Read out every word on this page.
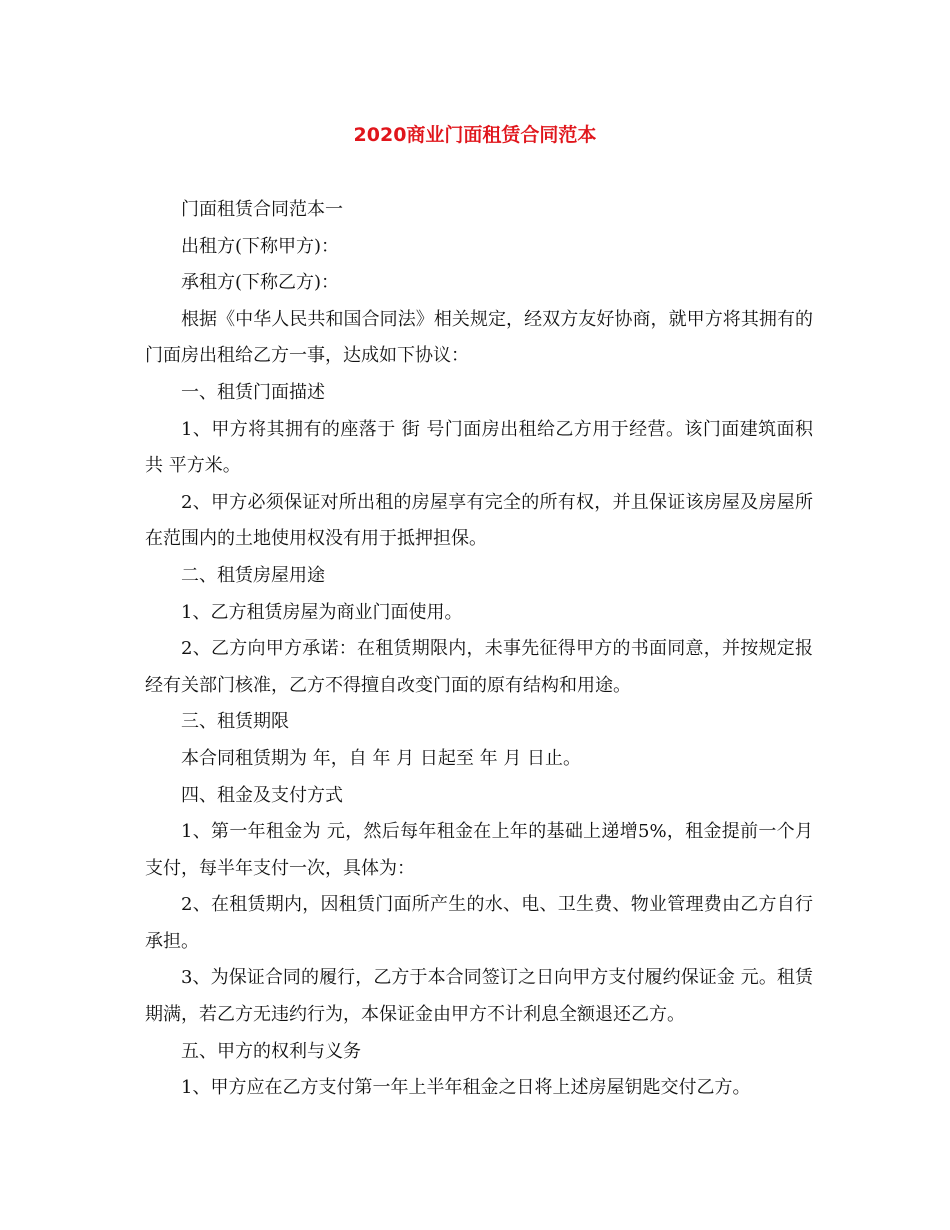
2020商业门面租赁合同范本

门面租赁合同范本一

出租方(下称甲方)：

承租方(下称乙方)：

根据《中华人民共和国合同法》相关规定，经双方友好协商，就甲方将其拥有的门面房出租给乙方一事，达成如下协议：

一、租赁门面描述

1、甲方将其拥有的座落于 街 号门面房出租给乙方用于经营。该门面建筑面积共 平方米。

2、甲方必须保证对所出租的房屋享有完全的所有权，并且保证该房屋及房屋所在范围内的土地使用权没有用于抵押担保。

二、租赁房屋用途

1、乙方租赁房屋为商业门面使用。

2、乙方向甲方承诺：在租赁期限内，未事先征得甲方的书面同意，并按规定报经有关部门核准，乙方不得擅自改变门面的原有结构和用途。

三、租赁期限

本合同租赁期为 年，自 年 月 日起至 年 月 日止。

四、租金及支付方式

1、第一年租金为 元，然后每年租金在上年的基础上递增5%，租金提前一个月支付，每半年支付一次，具体为：

2、在租赁期内，因租赁门面所产生的水、电、卫生费、物业管理费由乙方自行承担。

3、为保证合同的履行，乙方于本合同签订之日向甲方支付履约保证金 元。租赁期满，若乙方无违约行为，本保证金由甲方不计利息全额退还乙方。

五、甲方的权利与义务

1、甲方应在乙方支付第一年上半年租金之日将上述房屋钥匙交付乙方。
